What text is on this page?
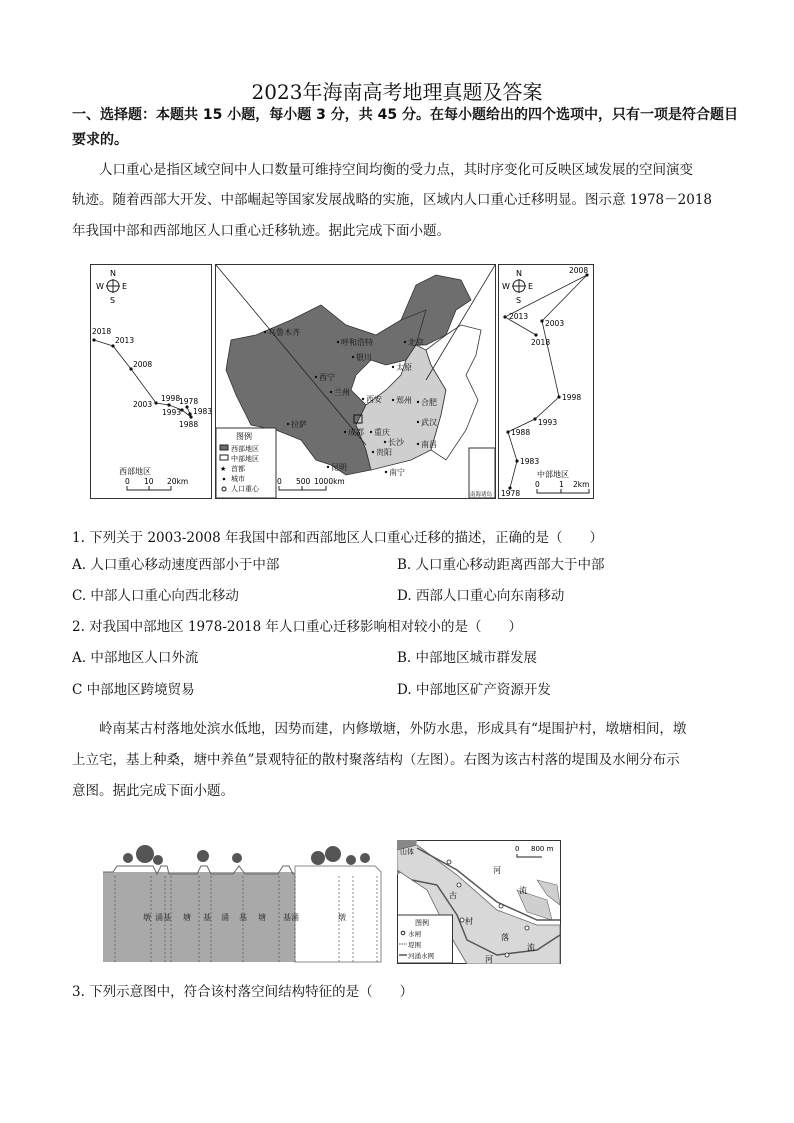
2023年海南高考地理真题及答案
一、选择题：本题共 15 小题，每小题 3 分，共 45 分。在每小题给出的四个选项中，只有一项是符合题目
要求的。
人口重心是指区域空间中人口数量可维持空间均衡的受力点，其时序变化可反映区域发展的空间演变
轨迹。随着西部大开发、中部崛起等国家发展战略的实施，区域内人口重心迁移明显。图示意 1978－2018
年我国中部和西部地区人口重心迁移轨迹。据此完成下面小题。
N
S
E
W
西部地区
0 10 20km
1978
1983
1988
1993
1998
2003
2008
2013
2018	乌鲁木齐
呼和浩特	北京
银川
西宁
兰州
太原
西安 郑州 合肥
拉萨
成都 重庆
武汉
长沙 南昌
贵阳
昆明
南宁
图例
西部地区
中部地区
★ 首都
城市
人口重心
0 500 1000km
南海诸岛
N
S
E
W
中部地区
0	1 2km
1978
1983
1988
1993
1998
2003
2008
2013
2018
1. 下列关于 2003-2008 年我国中部和西部地区人口重心迁移的描述，正确的是（　　）
A. 人口重心移动速度西部小于中部	B. 人口重心移动距离西部大于中部
C. 中部人口重心向西北移动	D. 西部人口重心向东南移动
2. 对我国中部地区 1978-2018 年人口重心迁移影响相对较小的是（　　）
A. 中部地区人口外流	B. 中部地区城市群发展
C 中部地区跨境贸易	D. 中部地区矿产资源开发
岭南某古村落地处滨水低地，因势而建，内修墩塘，外防水患，形成具有“堤围护村，墩塘相间，墩
上立宅，基上种桑，塘中养鱼”景观特征的散村聚落结构（左图）。右图为该古村落的堤围及水闸分布示
意图。据此完成下面小题。
墩 涌 基 塘 基 涌 基 塘 基 涌	墩
山体	0 800 m
河
流
流
河
古
村
落
图例
水闸
堤围
河涌水网
3. 下列示意图中，符合该村落空间结构特征的是（　　）
